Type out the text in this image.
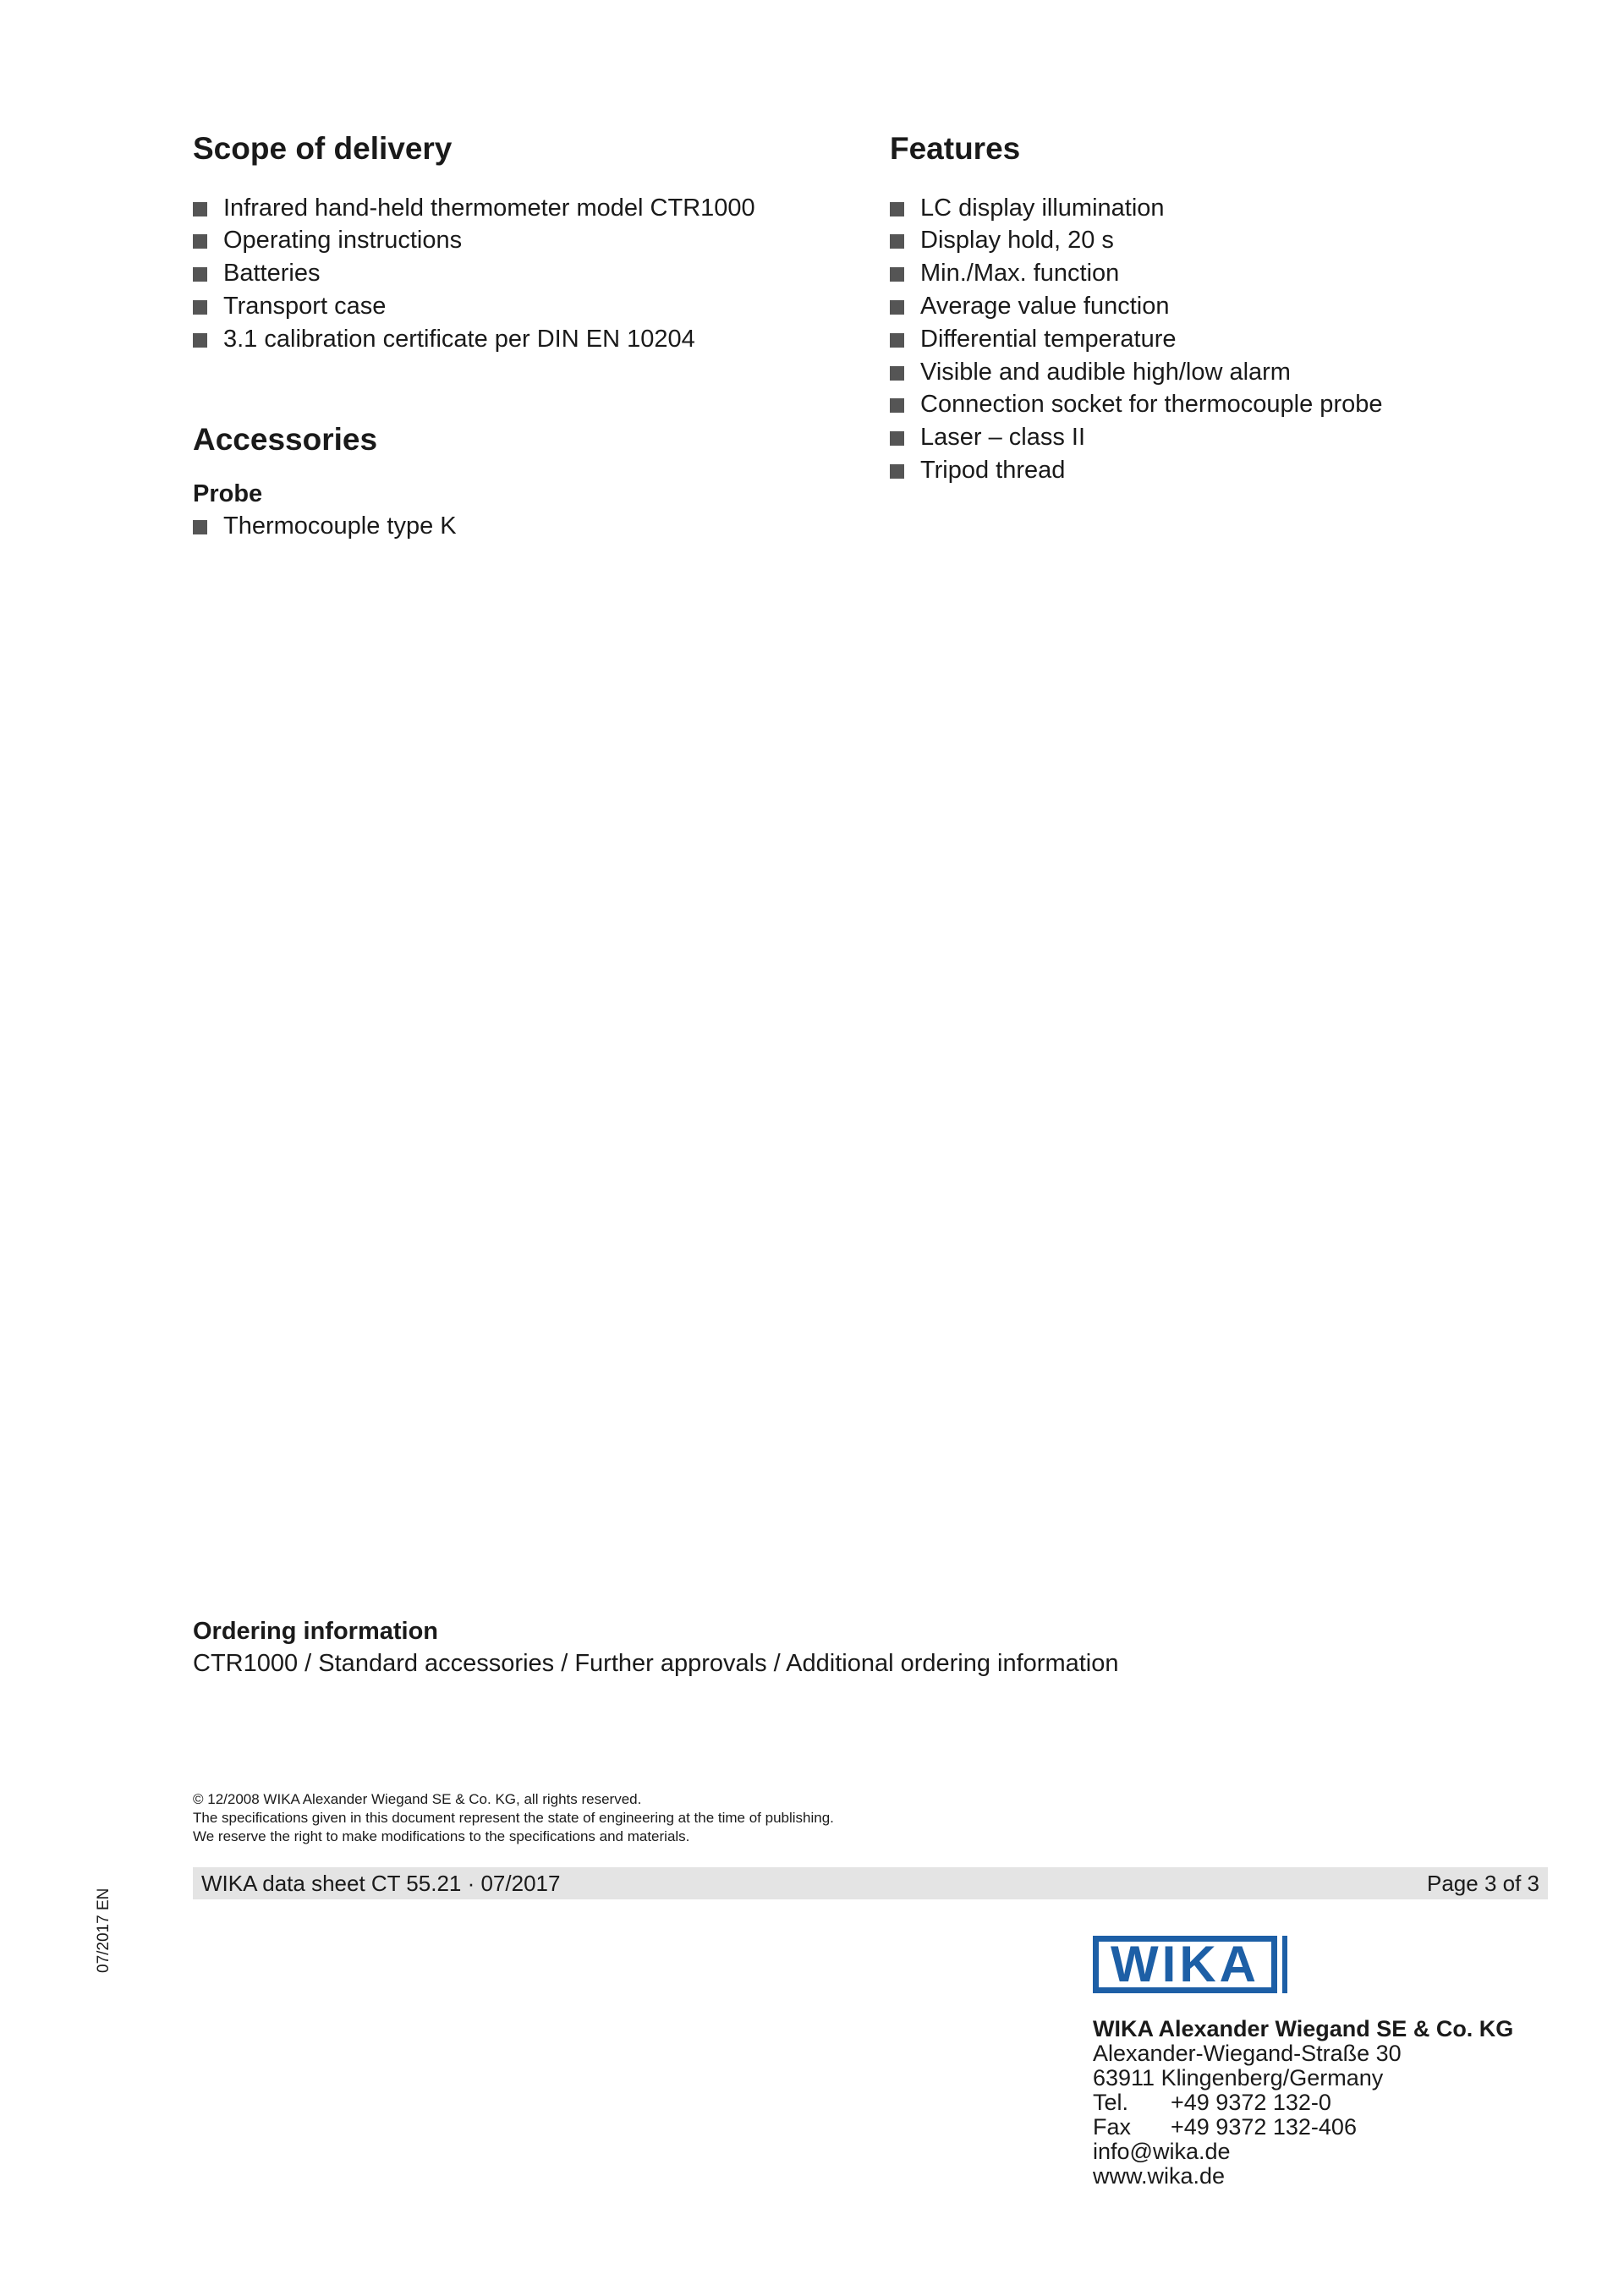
Scope of delivery
Infrared hand-held thermometer model CTR1000
Operating instructions
Batteries
Transport case
3.1 calibration certificate per DIN EN 10204
Features
LC display illumination
Display hold, 20 s
Min./Max. function
Average value function
Differential temperature
Visible and audible high/low alarm
Connection socket for thermocouple probe
Laser – class II
Tripod thread
Accessories
Probe
Thermocouple type K
Ordering information
CTR1000 / Standard accessories / Further approvals / Additional ordering information
© 12/2008 WIKA Alexander Wiegand SE & Co. KG, all rights reserved.
The specifications given in this document represent the state of engineering at the time of publishing.
We reserve the right to make modifications to the specifications and materials.
WIKA data sheet CT 55.21 · 07/2017	Page 3 of 3
07/2017 EN	WIKA
WIKA Alexander Wiegand SE & Co. KG
Alexander-Wiegand-Straße 30
63911 Klingenberg/Germany
Tel. +49 9372 132-0
Fax +49 9372 132-406
info@wika.de
www.wika.de
